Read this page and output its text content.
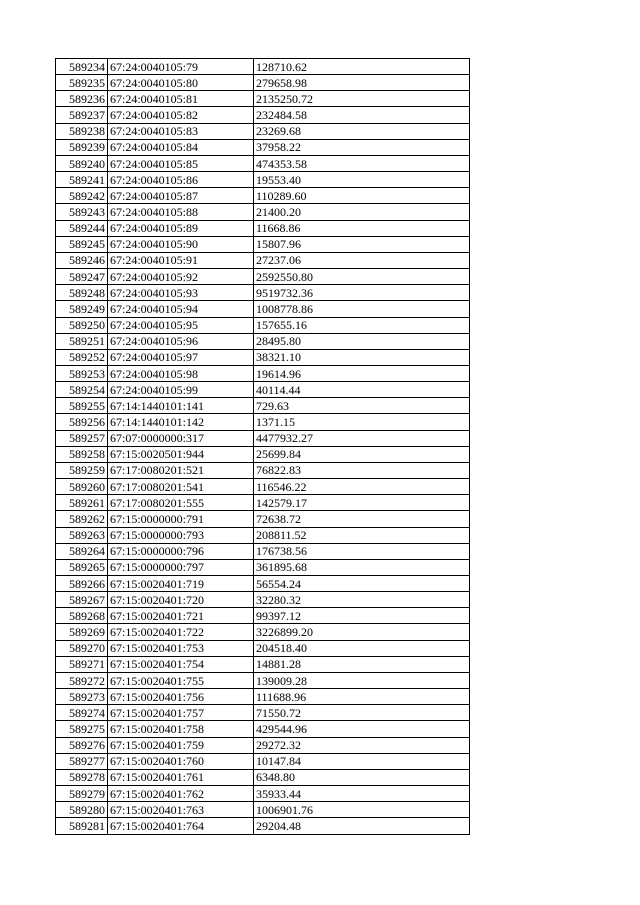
589234	67:24:0040105:79	128710.62
589235	67:24:0040105:80	279658.98
589236	67:24:0040105:81	2135250.72
589237	67:24:0040105:82	232484.58
589238	67:24:0040105:83	23269.68
589239	67:24:0040105:84	37958.22
589240	67:24:0040105:85	474353.58
589241	67:24:0040105:86	19553.40
589242	67:24:0040105:87	110289.60
589243	67:24:0040105:88	21400.20
589244	67:24:0040105:89	11668.86
589245	67:24:0040105:90	15807.96
589246	67:24:0040105:91	27237.06
589247	67:24:0040105:92	2592550.80
589248	67:24:0040105:93	9519732.36
589249	67:24:0040105:94	1008778.86
589250	67:24:0040105:95	157655.16
589251	67:24:0040105:96	28495.80
589252	67:24:0040105:97	38321.10
589253	67:24:0040105:98	19614.96
589254	67:24:0040105:99	40114.44
589255	67:14:1440101:141	729.63
589256	67:14:1440101:142	1371.15
589257	67:07:0000000:317	4477932.27
589258	67:15:0020501:944	25699.84
589259	67:17:0080201:521	76822.83
589260	67:17:0080201:541	116546.22
589261	67:17:0080201:555	142579.17
589262	67:15:0000000:791	72638.72
589263	67:15:0000000:793	208811.52
589264	67:15:0000000:796	176738.56
589265	67:15:0000000:797	361895.68
589266	67:15:0020401:719	56554.24
589267	67:15:0020401:720	32280.32
589268	67:15:0020401:721	99397.12
589269	67:15:0020401:722	3226899.20
589270	67:15:0020401:753	204518.40
589271	67:15:0020401:754	14881.28
589272	67:15:0020401:755	139009.28
589273	67:15:0020401:756	111688.96
589274	67:15:0020401:757	71550.72
589275	67:15:0020401:758	429544.96
589276	67:15:0020401:759	29272.32
589277	67:15:0020401:760	10147.84
589278	67:15:0020401:761	6348.80
589279	67:15:0020401:762	35933.44
589280	67:15:0020401:763	1006901.76
589281	67:15:0020401:764	29204.48
